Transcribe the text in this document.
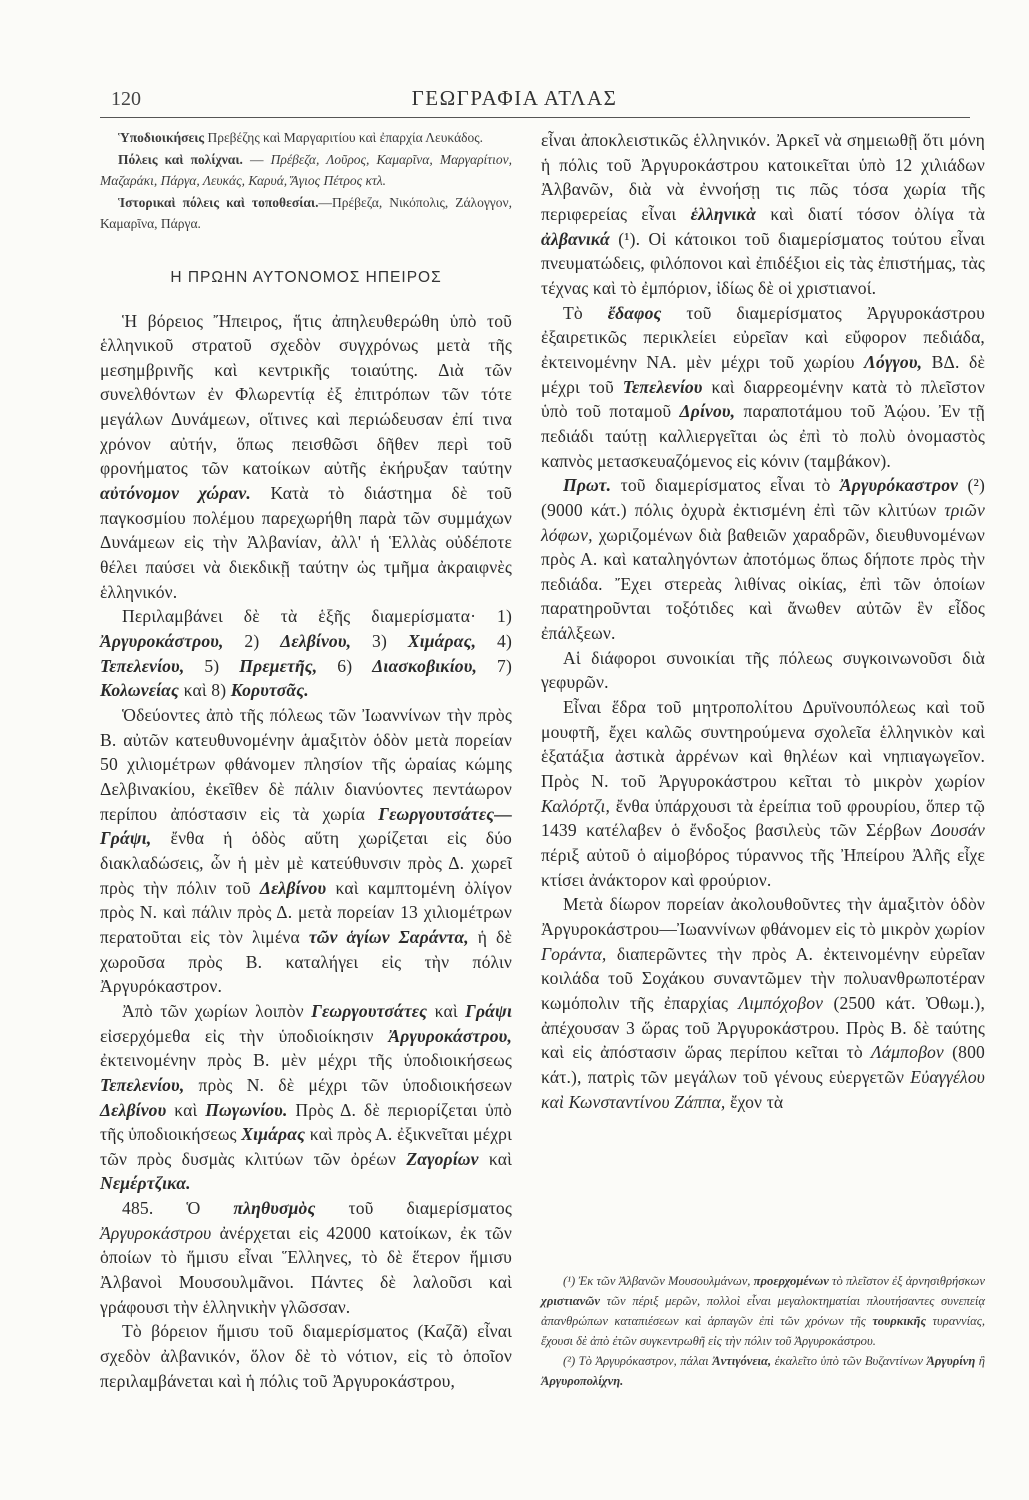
120	ΓΕΩΓΡΑΦΙΑ ΑΤΛΑΣ

Ὑποδιοικήσεις Πρεβέζης καὶ Μαργαριτίου καὶ ἐπαρχία Λευκάδος.

Πόλεις καὶ πολίχναι. — Πρέβεζα, Λοῦρος, Καμαρῖνα, Μαργαρίτιον, Μαζαράκι, Πάργα, Λευκάς, Καρυά, Ἅγιος Πέτρος κτλ.

Ἱστορικαὶ πόλεις καὶ τοποθεσίαι.—Πρέβεζα, Νικόπολις, Ζάλογγον, Καμαρῖνα, Πάργα.

Η ΠΡΩΗΝ ΑΥΤΟΝΟΜΟΣ ΗΠΕΙΡΟΣ

Ἡ βόρειος Ἤπειρος, ἥτις ἀπηλευθερώθη ὑπὸ τοῦ ἑλληνικοῦ στρατοῦ σχεδὸν συγχρόνως μετὰ τῆς μεσημβρινῆς καὶ κεντρικῆς τοιαύτης. Διὰ τῶν συνελθόντων ἐν Φλωρεντίᾳ ἐξ ἐπιτρόπων τῶν τότε μεγάλων Δυνάμεων, οἵτινες καὶ περιώδευσαν ἐπί τινα χρόνον αὐτήν, ὅπως πεισθῶσι δῆθεν περὶ τοῦ φρονήματος τῶν κατοίκων αὐτῆς ἐκήρυξαν ταύτην αὐτόνομον χώραν. Κατὰ τὸ διάστημα δὲ τοῦ παγκοσμίου πολέμου παρεχωρήθη παρὰ τῶν συμμάχων Δυνάμεων εἰς τὴν Ἀλβανίαν, ἀλλ' ἡ Ἑλλὰς οὐδέποτε θέλει παύσει νὰ διεκδικῇ ταύτην ὡς τμῆμα ἀκραιφνὲς ἑλληνικόν.

Περιλαμβάνει δὲ τὰ ἑξῆς διαμερίσματα· 1) Ἀργυροκάστρου, 2) Δελβίνου, 3) Χιμάρας, 4) Τεπελενίου, 5) Πρεμετῆς, 6) Διασκοβικίου, 7) Κολωνείας καὶ 8) Κορυτσᾶς.

Ὁδεύοντες ἀπὸ τῆς πόλεως τῶν Ἰωαννίνων τὴν πρὸς Β. αὐτῶν κατευθυνομένην ἁμαξιτὸν ὁδὸν μετὰ πορείαν 50 χιλιομέτρων φθάνομεν πλησίον τῆς ὡραίας κώμης Δελβινακίου, ἐκεῖθεν δὲ πάλιν διανύοντες πεντάωρον περίπου ἀπόστασιν εἰς τὰ χωρία Γεωργουτσάτες—Γράψι, ἔνθα ἡ ὁδὸς αὕτη χωρίζεται εἰς δύο διακλαδώσεις, ὧν ἡ μὲν μὲ κατεύθυνσιν πρὸς Δ. χωρεῖ πρὸς τὴν πόλιν τοῦ Δελβίνου καὶ καμπτομένη ὀλίγον πρὸς Ν. καὶ πάλιν πρὸς Δ. μετὰ πορείαν 13 χιλιομέτρων περατοῦται εἰς τὸν λιμένα τῶν ἁγίων Σαράντα, ἡ δὲ χωροῦσα πρὸς Β. καταλήγει εἰς τὴν πόλιν Ἀργυρόκαστρον.

Ἀπὸ τῶν χωρίων λοιπὸν Γεωργουτσάτες καὶ Γράψι εἰσερχόμεθα εἰς τὴν ὑποδιοίκησιν Ἀργυροκάστρου, ἐκτεινομένην πρὸς Β. μὲν μέχρι τῆς ὑποδιοικήσεως Τεπελενίου, πρὸς Ν. δὲ μέχρι τῶν ὑποδιοικήσεων Δελβίνου καὶ Πωγωνίου. Πρὸς Δ. δὲ περιορίζεται ὑπὸ τῆς ὑποδιοικήσεως Χιμάρας καὶ πρὸς Α. ἐξικνεῖται μέχρι τῶν πρὸς δυσμὰς κλιτύων τῶν ὀρέων Ζαγορίων καὶ Νεμέρτζικα.

485. Ὁ πληθυσμὸς τοῦ διαμερίσματος Ἀργυροκάστρου ἀνέρχεται εἰς 42000 κατοίκων, ἐκ τῶν ὁποίων τὸ ἥμισυ εἶναι Ἕλληνες, τὸ δὲ ἕτερον ἥμισυ Ἀλβανοὶ Μουσουλμᾶνοι. Πάντες δὲ λαλοῦσι καὶ γράφουσι τὴν ἑλληνικὴν γλῶσσαν.

Τὸ βόρειον ἥμισυ τοῦ διαμερίσματος (Καζᾶ) εἶναι σχεδὸν ἀλβανικόν, ὅλον δὲ τὸ νότιον, εἰς τὸ ὁποῖον περιλαμβάνεται καὶ ἡ πόλις τοῦ Ἀργυροκάστρου,

εἶναι ἀποκλειστικῶς ἑλληνικόν. Ἀρκεῖ νὰ σημειωθῇ ὅτι μόνη ἡ πόλις τοῦ Ἀργυροκάστρου κατοικεῖται ὑπὸ 12 χιλιάδων Ἀλβανῶν, διὰ νὰ ἐννοήσῃ τις πῶς τόσα χωρία τῆς περιφερείας εἶναι ἑλληνικὰ καὶ διατί τόσον ὀλίγα τὰ ἀλβανικά (¹). Οἱ κάτοικοι τοῦ διαμερίσματος τούτου εἶναι πνευματώδεις, φιλόπονοι καὶ ἐπιδέξιοι εἰς τὰς ἐπιστήμας, τὰς τέχνας καὶ τὸ ἐμπόριον, ἰδίως δὲ οἱ χριστιανοί.

Τὸ ἔδαφος τοῦ διαμερίσματος Ἀργυροκάστρου ἐξαιρετικῶς περικλείει εὐρεῖαν καὶ εὔφορον πεδιάδα, ἐκτεινομένην ΝΑ. μὲν μέχρι τοῦ χωρίου Λόγγου, ΒΔ. δὲ μέχρι τοῦ Τεπελενίου καὶ διαρρεομένην κατὰ τὸ πλεῖστον ὑπὸ τοῦ ποταμοῦ Δρίνου, παραποτάμου τοῦ Ἀῴου. Ἐν τῇ πεδιάδι ταύτῃ καλλιεργεῖται ὡς ἐπὶ τὸ πολὺ ὀνομαστὸς καπνὸς μετασκευαζόμενος εἰς κόνιν (ταμβάκον).

Πρωτ. τοῦ διαμερίσματος εἶναι τὸ Ἀργυρόκαστρον (²) (9000 κάτ.) πόλις ὀχυρὰ ἐκτισμένη ἐπὶ τῶν κλιτύων τριῶν λόφων, χωριζομένων διὰ βαθειῶν χαραδρῶν, διευθυνομένων πρὸς Α. καὶ καταληγόντων ἀποτόμως ὅπως δήποτε πρὸς τὴν πεδιάδα. Ἔχει στερεὰς λιθίνας οἰκίας, ἐπὶ τῶν ὁποίων παρατηροῦνται τοξότιδες καὶ ἄνωθεν αὐτῶν ἓν εἶδος ἐπάλξεων.

Αἱ διάφοροι συνοικίαι τῆς πόλεως συγκοινωνοῦσι διὰ γεφυρῶν.

Εἶναι ἕδρα τοῦ μητροπολίτου Δρυϊνουπόλεως καὶ τοῦ μουφτῆ, ἔχει καλῶς συντηρούμενα σχολεῖα ἑλληνικὸν καὶ ἑξατάξια ἀστικὰ ἀρρένων καὶ θηλέων καὶ νηπιαγωγεῖον. Πρὸς Ν. τοῦ Ἀργυροκάστρου κεῖται τὸ μικρὸν χωρίον Καλόρτζι, ἔνθα ὑπάρχουσι τὰ ἐρείπια τοῦ φρουρίου, ὅπερ τῷ 1439 κατέλαβεν ὁ ἔνδοξος βασιλεὺς τῶν Σέρβων Δουσάν πέριξ αὐτοῦ ὁ αἱμοβόρος τύραννος τῆς Ἠπείρου Ἀλῆς εἶχε κτίσει ἀνάκτορον καὶ φρούριον.

Μετὰ δίωρον πορείαν ἀκολουθοῦντες τὴν ἁμαξιτὸν ὁδὸν Ἀργυροκάστρου—Ἰωαννίνων φθάνομεν εἰς τὸ μικρὸν χωρίον Γοράντα, διαπερῶντες τὴν πρὸς Α. ἐκτεινομένην εὐρεῖαν κοιλάδα τοῦ Σοχάκου συναντῶμεν τὴν πολυανθρωποτέραν κωμόπολιν τῆς ἐπαρχίας Λιμπόχοβον (2500 κάτ. Ὀθωμ.), ἀπέχουσαν 3 ὥρας τοῦ Ἀργυροκάστρου. Πρὸς Β. δὲ ταύτης καὶ εἰς ἀπόστασιν ὥρας περίπου κεῖται τὸ Λάμποβον (800 κάτ.), πατρὶς τῶν μεγάλων τοῦ γένους εὐεργετῶν Εὐαγγέλου καὶ Κωνσταντίνου Ζάππα, ἔχον τὰ

(¹) Ἐκ τῶν Ἀλβανῶν Μουσουλμάνων, προερχομένων τὸ πλεῖστον ἐξ ἀρνησιθρήσκων χριστιανῶν τῶν πέριξ μερῶν, πολλοὶ εἶναι μεγαλοκτηματίαι πλουτήσαντες συνεπείᾳ ἀπανθρώπων καταπιέσεων καὶ ἁρπαγῶν ἐπὶ τῶν χρόνων τῆς τουρκικῆς τυραννίας, ἔχουσι δὲ ἀπὸ ἐτῶν συγκεντρωθῆ εἰς τὴν πόλιν τοῦ Ἀργυροκάστρου.

(²) Τὸ Ἀργυρόκαστρον, πάλαι Ἀντιγόνεια, ἐκαλεῖτο ὑπὸ τῶν Βυζαντίνων Ἀργυρίνη ἢ Ἀργυροπολίχνη.
